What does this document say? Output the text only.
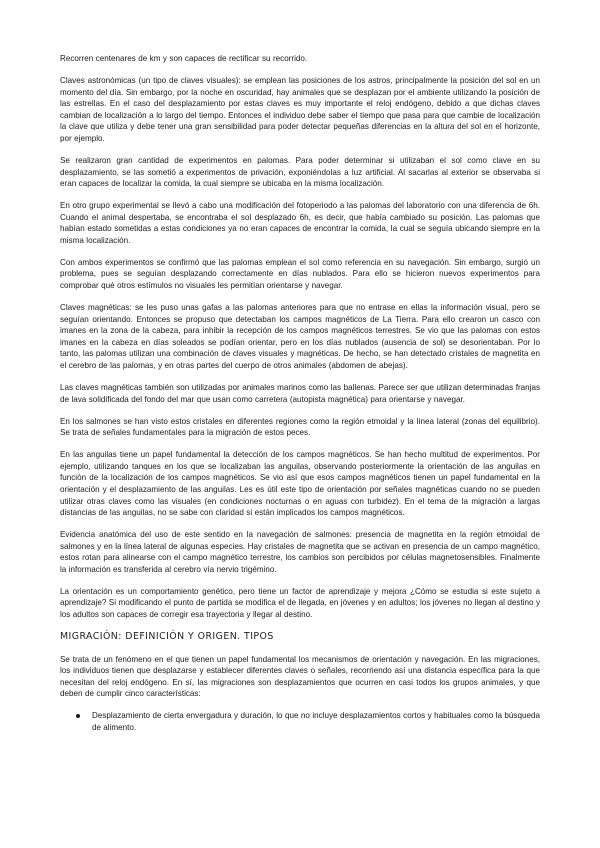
Recorren centenares de km y son capaces de rectificar su recorrido.

Claves astronómicas (un tipo de claves visuales): se emplean las posiciones de los astros, principalmente la posición del sol en un momento del día. Sin embargo, por la noche en oscuridad, hay animales que se desplazan por el ambiente utilizando la posición de las estrellas. En el caso del desplazamiento por estas claves es muy importante el reloj endógeno, debido a que dichas claves cambian de localización a lo largo del tiempo. Entonces el individuo debe saber el tiempo que pasa para que cambie de localización la clave que utiliza y debe tener una gran sensibilidad para poder detectar pequeñas diferencias en la altura del sol en el horizonte, por ejemplo.

Se realizaron gran cantidad de experimentos en palomas. Para poder determinar si utilizaban el sol como clave en su desplazamiento, se las sometió a experimentos de privación, exponiéndolas a luz artificial. Al sacarlas al exterior se observaba si eran capaces de localizar la comida, la cual siempre se ubicaba en la misma localización.

En otro grupo experimental se llevó a cabo una modificación del fotoperiodo a las palomas del laboratorio con una diferencia de 6h. Cuando el animal despertaba, se encontraba el sol desplazado 6h, es decir, que había cambiado su posición. Las palomas que habían estado sometidas a estas condiciones ya no eran capaces de encontrar la comida, la cual se seguía ubicando siempre en la misma localización.

Con ambos experimentos se confirmó que las palomas emplean el sol como referencia en su navegación. Sin embargo, surgió un problema, pues se seguían desplazando correctamente en días nublados. Para ello se hicieron nuevos experimentos para comprobar qué otros estímulos no visuales les permitían orientarse y navegar.

Claves magnéticas: se les puso unas gafas a las palomas anteriores para que no entrase en ellas la información visual, pero se seguían orientando. Entonces se propuso que detectaban los campos magnéticos de La Tierra. Para ello crearon un casco con imanes en la zona de la cabeza, para inhibir la recepción de los campos magnéticos terrestres. Se vio que las palomas con estos imanes en la cabeza en días soleados se podían orientar, pero en los días nublados (ausencia de sol) se desorientaban. Por lo tanto, las palomas utilizan una combinación de claves visuales y magnéticas. De hecho, se han detectado cristales de magnetita en el cerebro de las palomas, y en otras partes del cuerpo de otros animales (abdomen de abejas).

Las claves magnéticas también son utilizadas por animales marinos como las ballenas. Parece ser que utilizan determinadas franjas de lava solidificada del fondo del mar que usan como carretera (autopista magnética) para orientarse y navegar.

En los salmones se han visto estos cristales en diferentes regiones como la región etmoidal y la línea lateral (zonas del equilibrio). Se trata de señales fundamentales para la migración de estos peces.

En las anguilas tiene un papel fundamental la detección de los campos magnéticos. Se han hecho multitud de experimentos. Por ejemplo, utilizando tanques en los que se localizaban las anguilas, observando posteriormente la orientación de las anguilas en función de la localización de los campos magnéticos. Se vio así que esos campos magnéticos tienen un papel fundamental en la orientación y el desplazamiento de las anguilas. Les es útil este tipo de orientación por señales magnéticas cuando no se pueden utilizar otras claves como las visuales (en condiciones nocturnas o en aguas con turbidez). En el tema de la migración a largas distancias de las anguilas, no se sabe con claridad si están implicados los campos magnéticos.

Evidencia anatómica del uso de este sentido en la navegación de salmones: presencia de magnetita en la región etmoidal de salmones y en la línea lateral de algunas especies. Hay cristales de magnetita que se activan en presencia de un campo magnético, estos rotan para alinearse con el campo magnético terrestre, los cambios son percibidos por células magnetosensibles. Finalmente la información es transferida al cerebro vía nervio trigémino.

La orientación es un comportamiento genético, pero tiene un factor de aprendizaje y mejora ¿Cómo se estudia si este sujeto a aprendizaje? Si modificando el punto de partida se modifica el de llegada, en jóvenes y en adultos; los jóvenes no llegan al destino y los adultos son capaces de corregir esa trayectoria y llegar al destino.

MIGRACIÓN: DEFINICIÓN Y ORIGEN. TIPOS

Se trata de un fenómeno en el que tienen un papel fundamental los mecanismos de orientación y navegación. En las migraciones, los individuos tienen que desplazarse y establecer diferentes claves o señales, recorriendo así una distancia específica para la que necesitan del reloj endógeno. En sí, las migraciones son desplazamientos que ocurren en casi todos los grupos animales, y que deben de cumplir cinco características:

Desplazamiento de cierta envergadura y duración, lo que no incluye desplazamientos cortos y habituales como la búsqueda de alimento.
